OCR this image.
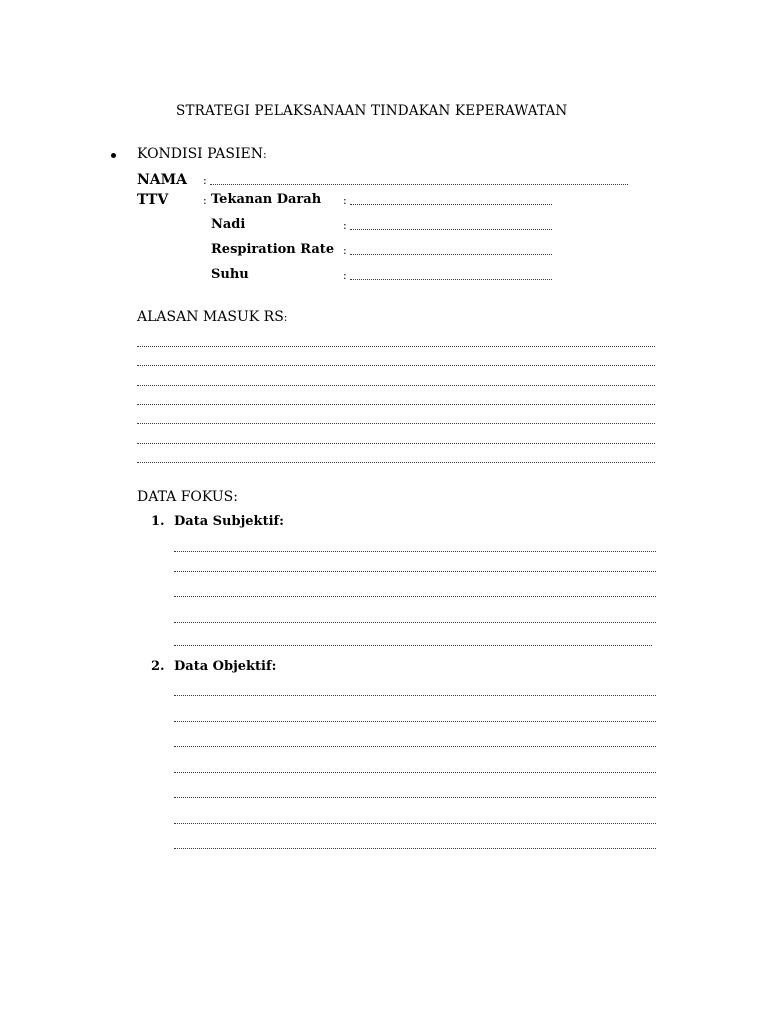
STRATEGI PELAKSANAAN TINDAKAN KEPERAWATAN
KONDISI PASIEN:
NAMA :
TTV	: Tekanan Darah :
Nadi	:
Respiration Rate :
Suhu	:
ALASAN MASUK RS:
DATA FOKUS:
1. Data Subjektif:
2. Data Objektif:
